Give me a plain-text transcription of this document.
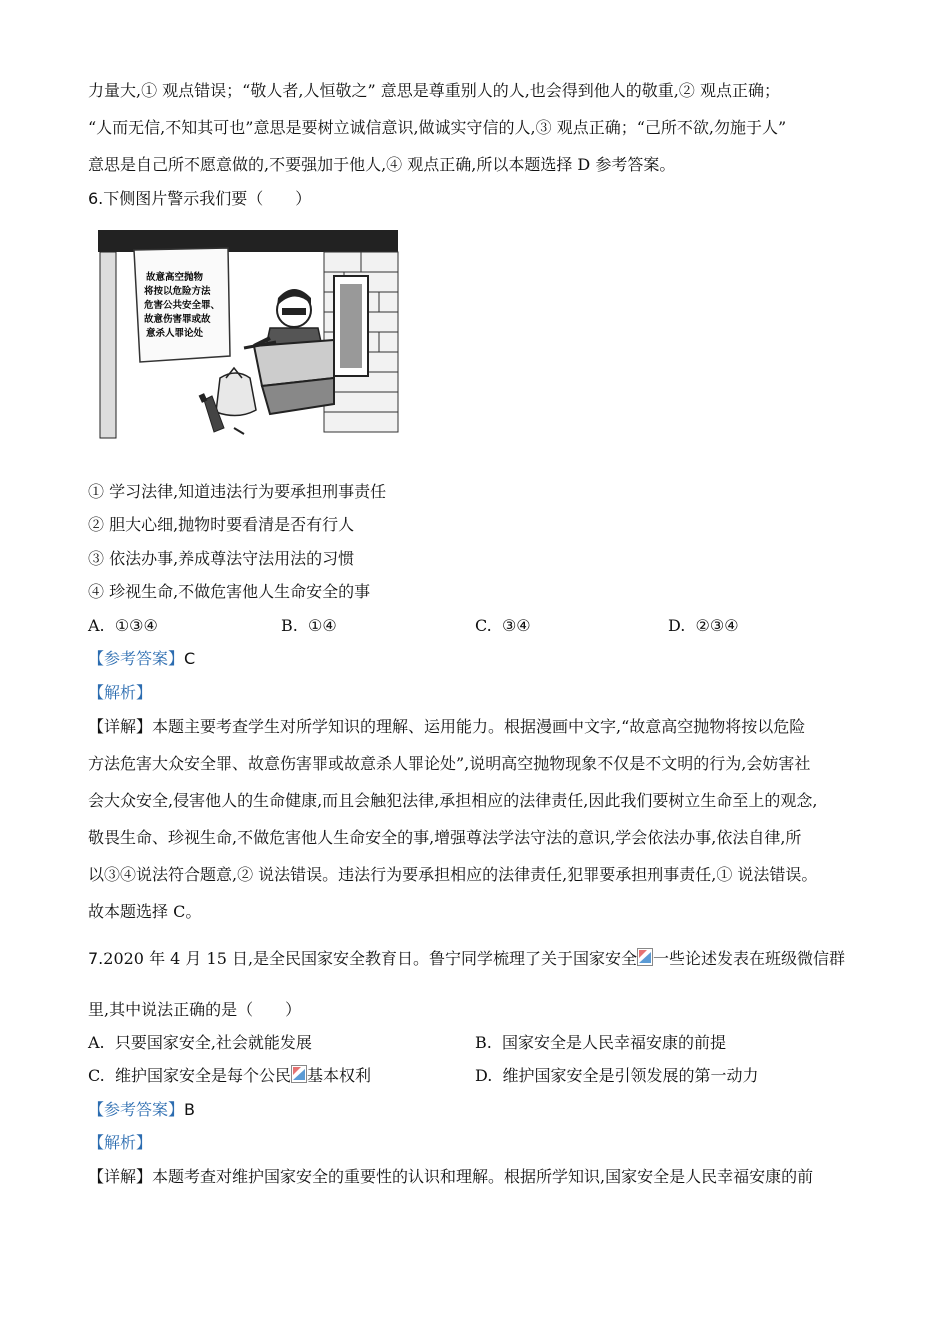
力量大,① 观点错误；“敬人者,人恒敬之” 意思是尊重别人的人,也会得到他人的敬重,② 观点正确；
“人而无信,不知其可也”意思是要树立诚信意识,做诚实守信的人,③ 观点正确；“己所不欲,勿施于人”
意思是自己所不愿意做的,不要强加于他人,④ 观点正确,所以本题选择 D 参考答案。
6.下侧图片警示我们要（　　）
故意高空抛物
将按以危险方法
危害公共安全罪、
故意伤害罪或故
意杀人罪论处
① 学习法律,知道违法行为要承担刑事责任
② 胆大心细,抛物时要看清是否有行人
③ 依法办事,养成尊法守法用法的习惯
④ 珍视生命,不做危害他人生命安全的事
A. ①③④	B. ①④	C. ③④	D. ②③④
【参考答案】C
【解析】
【详解】本题主要考查学生对所学知识的理解、运用能力。根据漫画中文字,“故意高空抛物将按以危险
方法危害大众安全罪、故意伤害罪或故意杀人罪论处”,说明高空抛物现象不仅是不文明的行为,会妨害社
会大众安全,侵害他人的生命健康,而且会触犯法律,承担相应的法律责任,因此我们要树立生命至上的观念,
敬畏生命、珍视生命,不做危害他人生命安全的事,增强尊法学法守法的意识,学会依法办事,依法自律,所
以③④说法符合题意,② 说法错误。违法行为要承担相应的法律责任,犯罪要承担刑事责任,① 说法错误。
故本题选择 C。
7.2020 年 4 月 15 日,是全民国家安全教育日。鲁宁同学梳理了关于国家安全 一些论述发表在班级微信群
里,其中说法正确的是（　　）
A. 只要国家安全,社会就能发展	B. 国家安全是人民幸福安康的前提
C. 维护国家安全是每个公民 基本权利	D. 维护国家安全是引领发展的第一动力
【参考答案】B
【解析】
【详解】本题考查对维护国家安全的重要性的认识和理解。根据所学知识,国家安全是人民幸福安康的前
